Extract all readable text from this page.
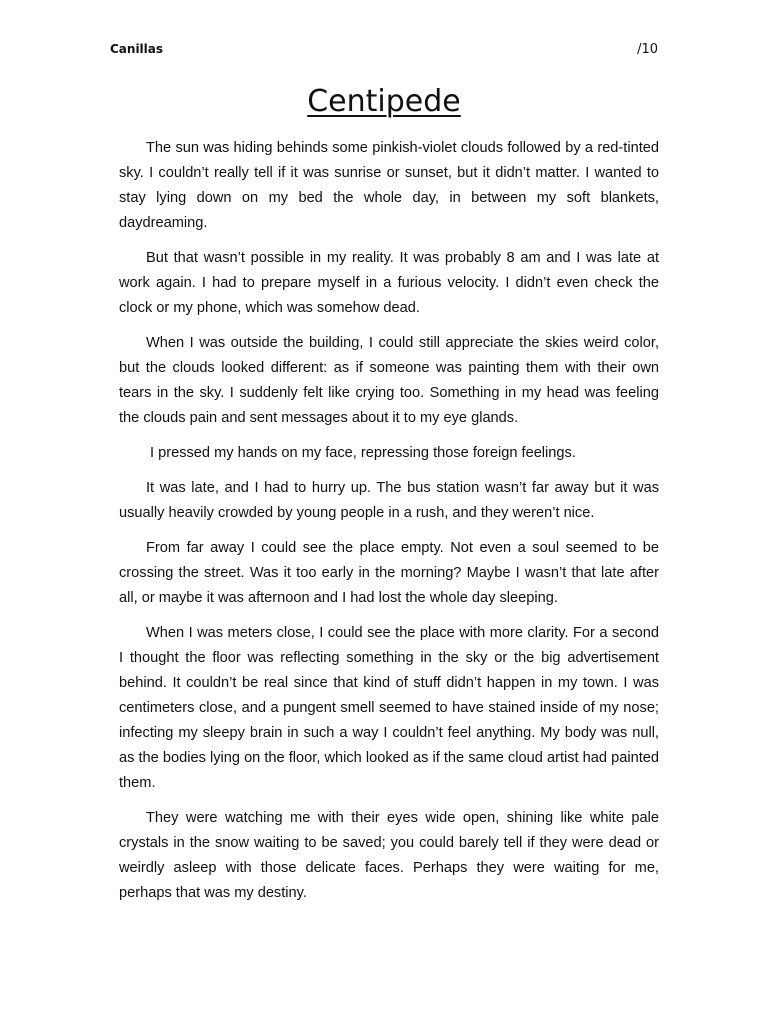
Canillas	/10
Centipede

The sun was hiding behinds some pinkish-violet clouds followed by a red-tinted sky. I couldn’t really tell if it was sunrise or sunset, but it didn’t matter. I wanted to stay lying down on my bed the whole day, in between my soft blankets, daydreaming.

But that wasn’t possible in my reality. It was probably 8 am and I was late at work again. I had to prepare myself in a furious velocity. I didn’t even check the clock or my phone, which was somehow dead.

When I was outside the building, I could still appreciate the skies weird color, but the clouds looked different: as if someone was painting them with their own tears in the sky. I suddenly felt like crying too. Something in my head was feeling the clouds pain and sent messages about it to my eye glands.

I pressed my hands on my face, repressing those foreign feelings.

It was late, and I had to hurry up. The bus station wasn’t far away but it was usually heavily crowded by young people in a rush, and they weren’t nice.

From far away I could see the place empty. Not even a soul seemed to be crossing the street. Was it too early in the morning? Maybe I wasn’t that late after all, or maybe it was afternoon and I had lost the whole day sleeping.

When I was meters close, I could see the place with more clarity. For a second I thought the floor was reflecting something in the sky or the big advertisement behind. It couldn’t be real since that kind of stuff didn’t happen in my town. I was centimeters close, and a pungent smell seemed to have stained inside of my nose; infecting my sleepy brain in such a way I couldn’t feel anything. My body was null, as the bodies lying on the floor, which looked as if the same cloud artist had painted them.

They were watching me with their eyes wide open, shining like white pale crystals in the snow waiting to be saved; you could barely tell if they were dead or weirdly asleep with those delicate faces. Perhaps they were waiting for me, perhaps that was my destiny.
